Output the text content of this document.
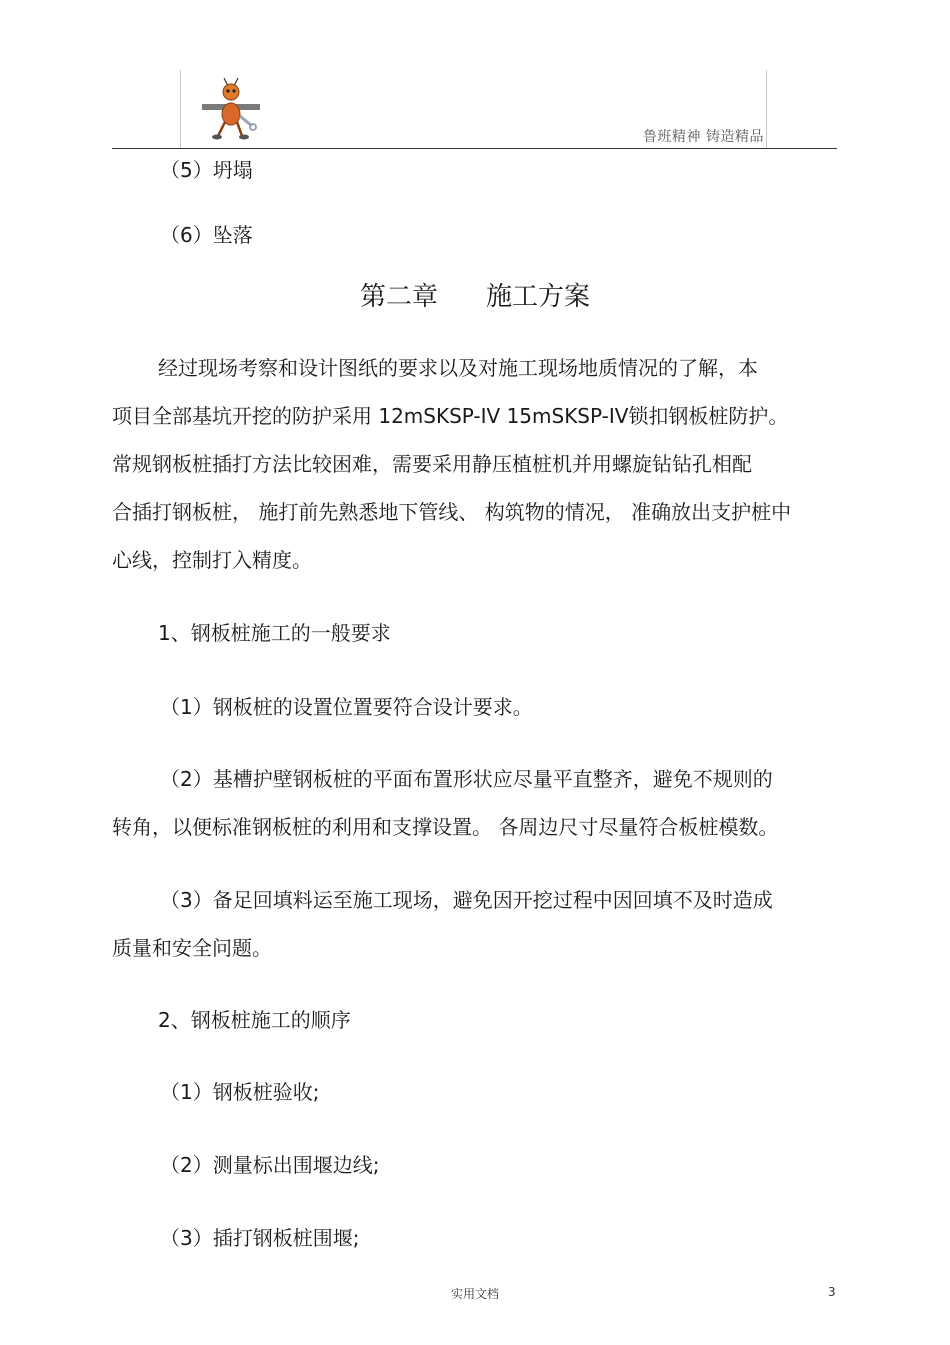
鲁班精神 铸造精品
（5）坍塌
（6）坠落
第二章 施工方案
经过现场考察和设计图纸的要求以及对施工现场地质情况的了解，本
项目全部基坑开挖的防护采用 12mSKSP-IV 15mSKSP-IV锁扣钢板桩防护。
常规钢板桩插打方法比较困难，需要采用静压植桩机并用螺旋钻钻孔相配
合插打钢板桩， 施打前先熟悉地下管线、 构筑物的情况， 准确放出支护桩中
心线，控制打入精度。
1、钢板桩施工的一般要求
（1）钢板桩的设置位置要符合设计要求。
（2）基槽护壁钢板桩的平面布置形状应尽量平直整齐，避免不规则的
转角，以便标准钢板桩的利用和支撑设置。 各周边尺寸尽量符合板桩模数。
（3）备足回填料运至施工现场，避免因开挖过程中因回填不及时造成
质量和安全问题。
2、钢板桩施工的顺序
（1）钢板桩验收;
（2）测量标出围堰边线;
（3）插打钢板桩围堰;
实用文档	3
